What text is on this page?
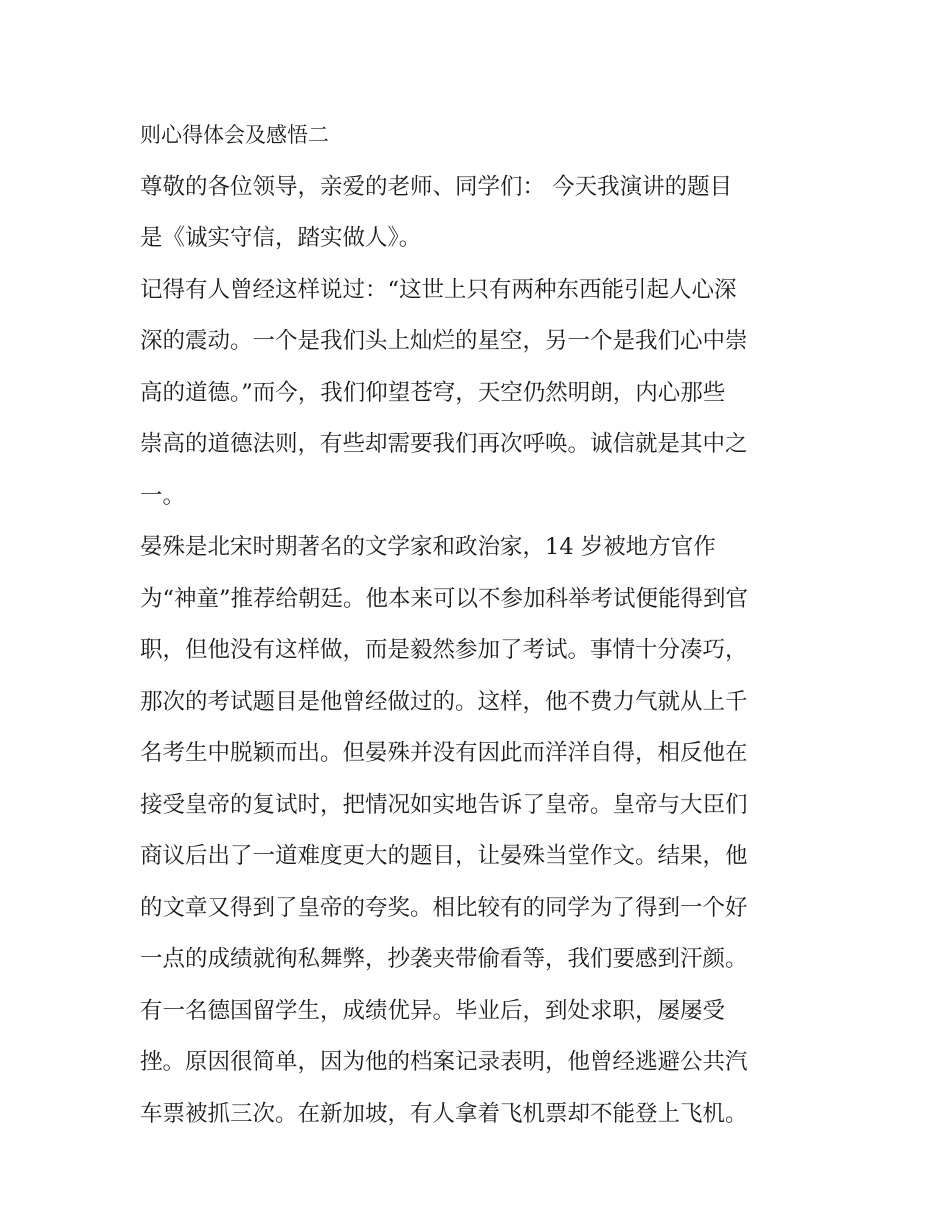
则心得体会及感悟二
尊敬的各位领导，亲爱的老师、同学们： 今天我演讲的题目
是《诚实守信，踏实做人》。
记得有人曾经这样说过：“这世上只有两种东西能引起人心深
深的震动。一个是我们头上灿烂的星空，另一个是我们心中崇
高的道德。”而今，我们仰望苍穹，天空仍然明朗，内心那些
崇高的道德法则，有些却需要我们再次呼唤。诚信就是其中之
一。
晏殊是北宋时期著名的文学家和政治家，14 岁被地方官作
为“神童”推荐给朝廷。他本来可以不参加科举考试便能得到官
职，但他没有这样做，而是毅然参加了考试。事情十分凑巧，
那次的考试题目是他曾经做过的。这样，他不费力气就从上千
名考生中脱颖而出。但晏殊并没有因此而洋洋自得，相反他在
接受皇帝的复试时，把情况如实地告诉了皇帝。皇帝与大臣们
商议后出了一道难度更大的题目，让晏殊当堂作文。结果，他
的文章又得到了皇帝的夸奖。相比较有的同学为了得到一个好
一点的成绩就徇私舞弊，抄袭夹带偷看等，我们要感到汗颜。
有一名德国留学生，成绩优异。毕业后，到处求职，屡屡受
挫。原因很简单，因为他的档案记录表明，他曾经逃避公共汽
车票被抓三次。在新加坡，有人拿着飞机票却不能登上飞机。
